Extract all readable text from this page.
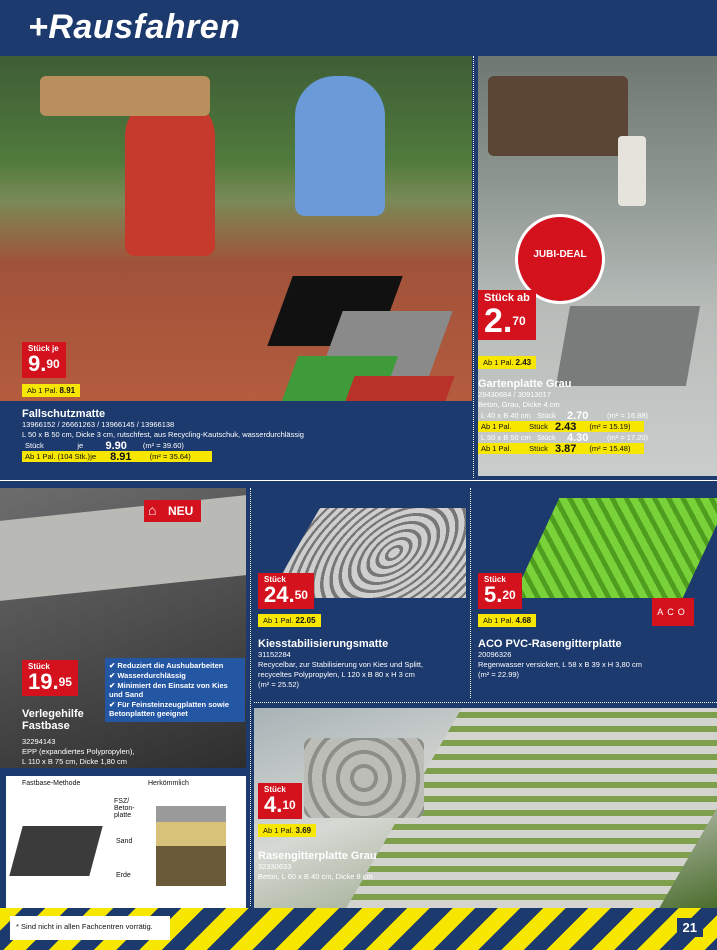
+Rausfahren
Stück je
9.90
Ab 1 Pal. 8.91
Fallschutzmatte
13966152 / 26661263 / 13966145 / 13966138
L 50 x B 50 cm, Dicke 3 cm, rutschfest, aus Recycling-Kautschuk, wasserdurchlässig
Stück	je	9.90	(m² = 39.60)
Ab 1 Pal. (104 Stk.) je	8.91	(m² = 35.64)
JUBI-DEAL
Stück ab
2.70
Ab 1 Pal. 2.43
Gartenplatte Grau
29430684 / 30913017
Beton, Grau, Dicke 4 cm
L 40 x B 40 cm Stück	2.70	(m² = 16.88)
Ab 1 Pal.	Stück 2.43	(m² = 15.19)
L 50 x B 50 cm Stück	4.30	(m² = 17.20)
Ab 1 Pal.	Stück 3.87	(m² = 15.48)
⌂ NEU
Stück
19.95
✔ Reduziert die Aushubarbeiten
✔ Wasserdurchlässig
✔ Minimiert den Einsatz von Kies und Sand
✔ Für Feinsteinzeugplatten sowie Betonplatten geeignet
Verlegehilfe
Fastbase
32294143
EPP (expandiertes Polypropylen),
L 110 x B 75 cm, Dicke 1,80 cm
Fastbase-Methode	Herkömmlich
FSZ/ Beton-platte
Sand
Erde
Stück
24.50
Ab 1 Pal. 22.05
Kiesstabilisierungsmatte
31152284
Recycelbar, zur Stabilisierung von Kies und Splitt,
recyceltes Polypropylen, L 120 x B 80 x H 3 cm
(m² = 25.52)
ACO
Stück
5.20
Ab 1 Pal. 4.68
ACO PVC-Rasengitterplatte
20096326
Regenwasser versickert, L 58 x B 39 x H 3,80 cm
(m² = 22.99)
Stück
4.10
Ab 1 Pal. 3.69
Rasengitterplatte Grau
32330633
Beton, L 60 x B 40 cm, Dicke 8 cm
* Sind nicht in allen Fachcentren vorrätig.	21
